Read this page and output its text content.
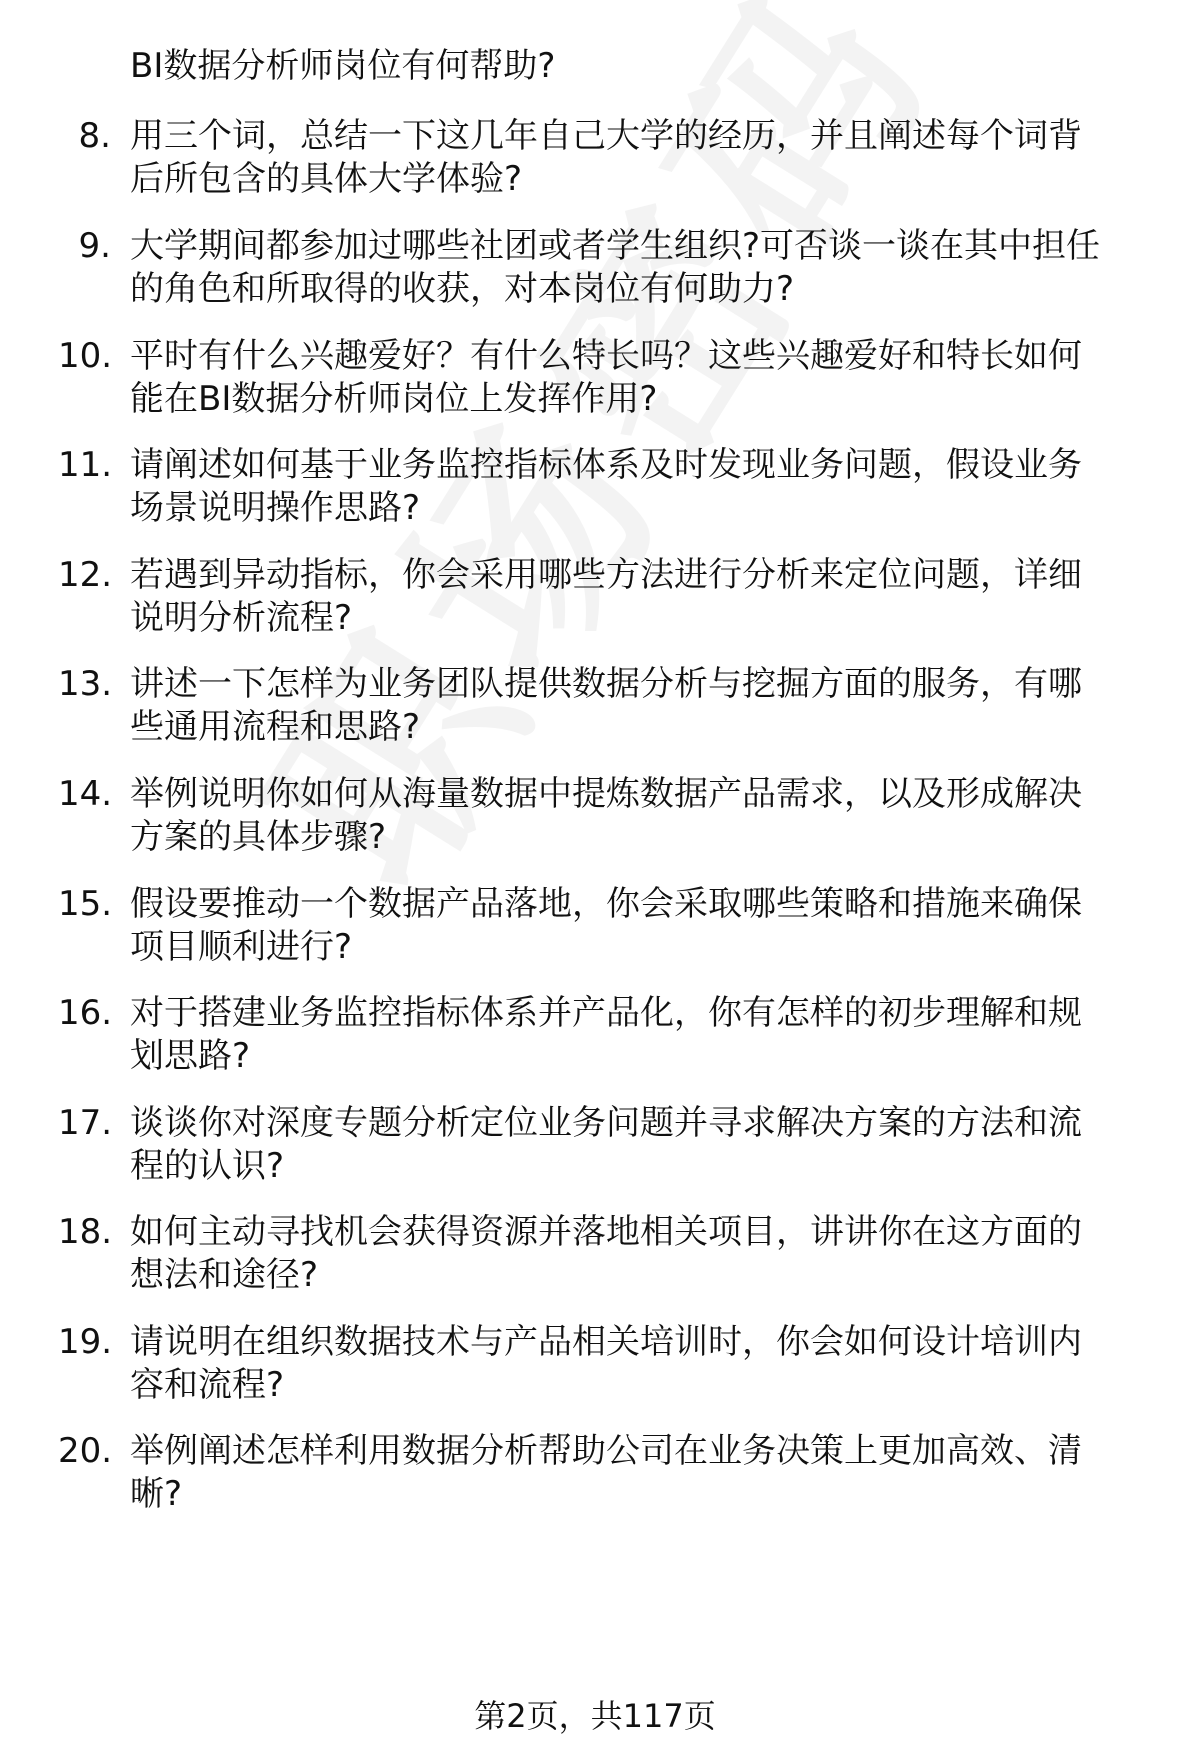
BI数据分析师岗位有何帮助?
8. 用三个词，总结一下这几年自己大学的经历，并且阐述每个词背
后所包含的具体大学体验?
9. 大学期间都参加过哪些社团或者学生组织?可否谈一谈在其中担任
的角色和所取得的收获，对本岗位有何助力?
10. 平时有什么兴趣爱好？有什么特长吗？这些兴趣爱好和特长如何
能在BI数据分析师岗位上发挥作用?
11. 请阐述如何基于业务监控指标体系及时发现业务问题，假设业务
场景说明操作思路?
12. 若遇到异动指标，你会采用哪些方法进行分析来定位问题，详细
说明分析流程?
13. 讲述一下怎样为业务团队提供数据分析与挖掘方面的服务，有哪
些通用流程和思路?
14. 举例说明你如何从海量数据中提炼数据产品需求，以及形成解决
方案的具体步骤?
15. 假设要推动一个数据产品落地，你会采取哪些策略和措施来确保
项目顺利进行?
16. 对于搭建业务监控指标体系并产品化，你有怎样的初步理解和规
划思路?
17. 谈谈你对深度专题分析定位业务问题并寻求解决方案的方法和流
程的认识?
18. 如何主动寻找机会获得资源并落地相关项目，讲讲你在这方面的
想法和途径?
19. 请说明在组织数据技术与产品相关培训时，你会如何设计培训内
容和流程?
20. 举例阐述怎样利用数据分析帮助公司在业务决策上更加高效、清
晰?
第2页，共117页
